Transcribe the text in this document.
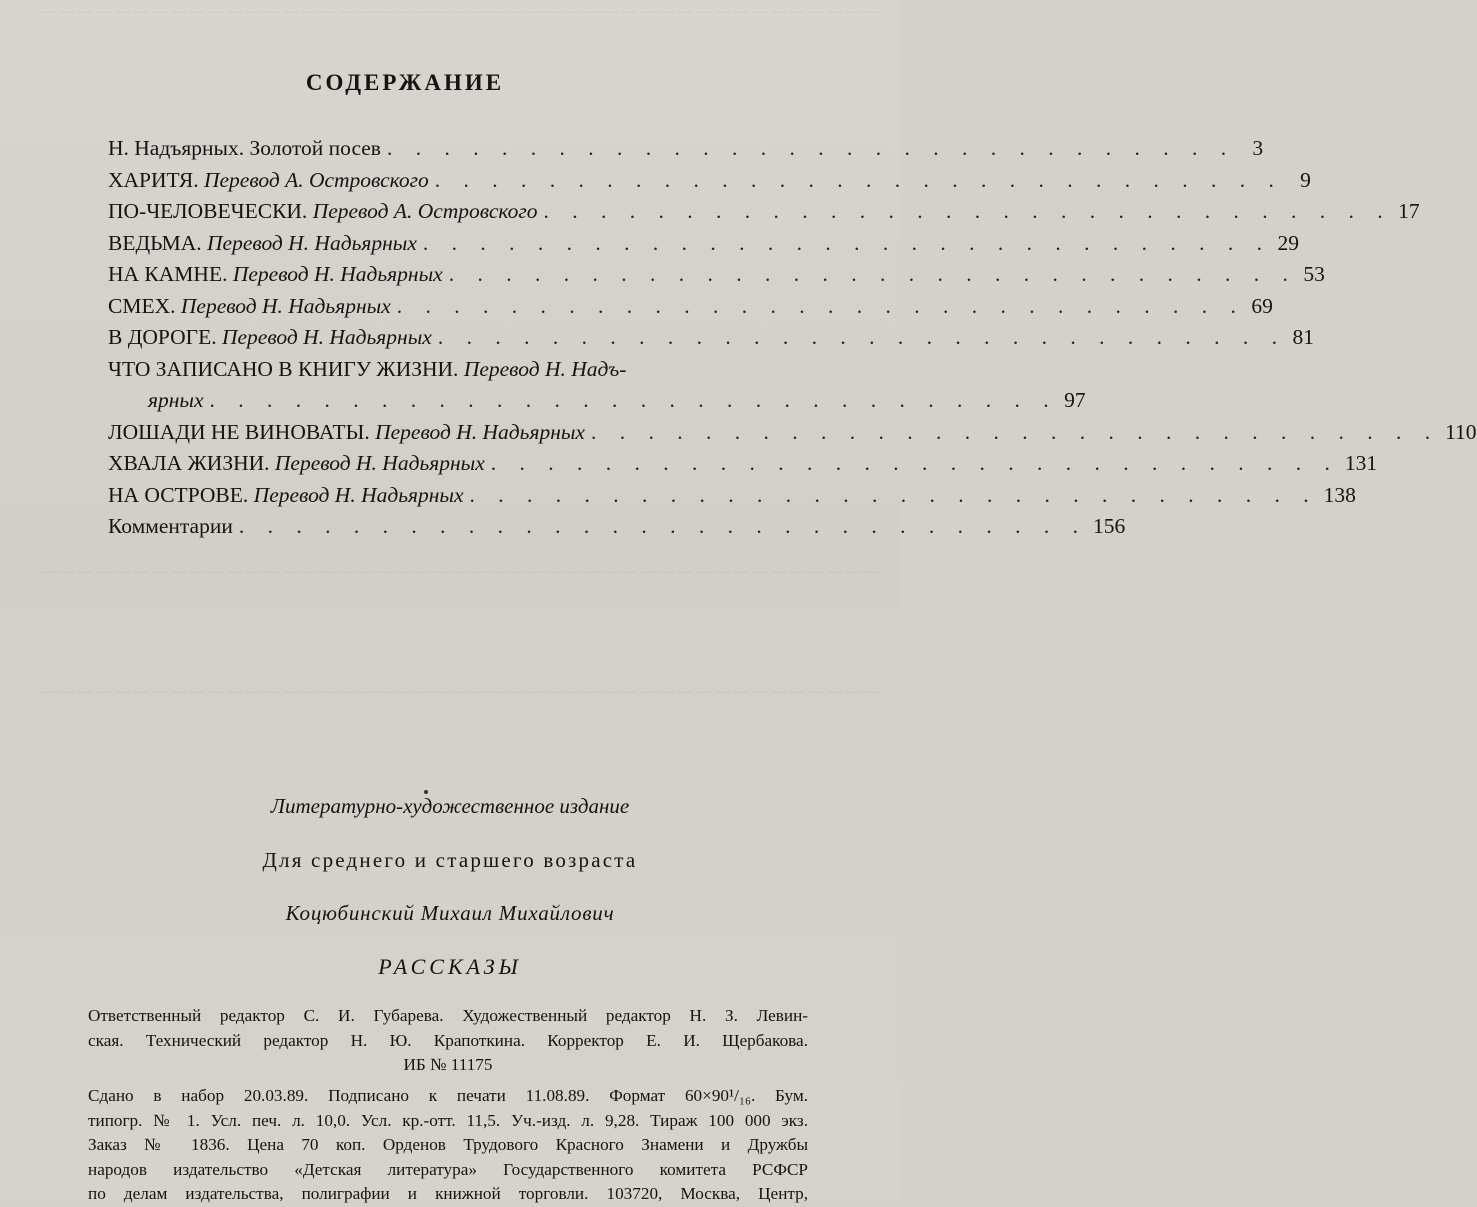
— — — — — — — — — — — — — — — — — — — — — — — — — — — — — — — — — — — — — — — — — — — — —
— — — — — — — — — — — — — — — — — — — — — — — — — — — — — — — — — — — — — — — — — — — — —
— — — — — — — — — — — — — — — — — — — — — — — — — — — — — — — — — — — — — — — — — — — — —
СОДЕРЖАНИЕ
Н. Надъярных. Золотой посев . . . . . . . . . . . . . . . . . . . . . . . . . . . . . . 3
ХАРИТЯ. Перевод А. Островского . . . . . . . . . . . . . . . . . . . . . . . . . . . . . . 9
ПО-ЧЕЛОВЕЧЕСКИ. Перевод А. Островского . . . . . . . . . . . . . . . . . . . . . . . . . . . . . . 17
ВЕДЬМА. Перевод Н. Надьярных . . . . . . . . . . . . . . . . . . . . . . . . . . . . . . 29
НА КАМНЕ. Перевод Н. Надьярных . . . . . . . . . . . . . . . . . . . . . . . . . . . . . . 53
СМЕХ. Перевод Н. Надьярных . . . . . . . . . . . . . . . . . . . . . . . . . . . . . . 69
В ДОРОГЕ. Перевод Н. Надьярных . . . . . . . . . . . . . . . . . . . . . . . . . . . . . . 81
ЧТО ЗАПИСАНО В КНИГУ ЖИЗНИ. Перевод Н. Надъ-
ярных . . . . . . . . . . . . . . . . . . . . . . . . . . . . . . 97
ЛОШАДИ НЕ ВИНОВАТЫ. Перевод Н. Надьярных . . . . . . . . . . . . . . . . . . . . . . . . . . . . . . 110
ХВАЛА ЖИЗНИ. Перевод Н. Надьярных . . . . . . . . . . . . . . . . . . . . . . . . . . . . . . 131
НА ОСТРОВЕ. Перевод Н. Надьярных . . . . . . . . . . . . . . . . . . . . . . . . . . . . . . 138
Комментарии . . . . . . . . . . . . . . . . . . . . . . . . . . . . . . 156
Литературно-художественное издание
Для среднего и старшего возраста
Коцюбинский Михаил Михайлович
РАССКАЗЫ
Ответственный редактор С. И. Губарева. Художественный редактор Н. З. Левин-
ская. Технический редактор Н. Ю. Крапоткина. Корректор Е. И. Щербакова.
ИБ № 11175
Сдано в набор 20.03.89. Подписано к печати 11.08.89. Формат 60×90¹/₁₆. Бум.
типогр. № 1. Усл. печ. л. 10,0. Усл. кр.-отт. 11,5. Уч.-изд. л. 9,28. Тираж 100 000 экз.
Заказ № 1836. Цена 70 коп. Орденов Трудового Красного Знамени и Дружбы
народов издательство «Детская литература» Государственного комитета РСФСР
по делам издательства, полиграфии и книжной торговли. 103720, Москва, Центр,
